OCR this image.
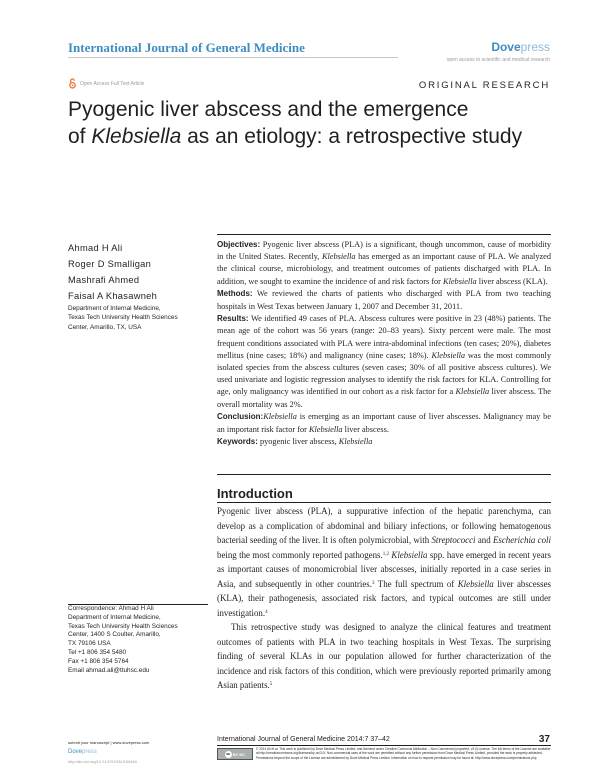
International Journal of General Medicine	Dovepress
open access to scientific and medical research
Open Access Full Text Article	ORIGINAL RESEARCH
Pyogenic liver abscess and the emergence
of Klebsiella as an etiology: a retrospective study
Ahmad H Ali
Roger D Smalligan
Mashrafi Ahmed
Faisal A Khasawneh
Department of Internal Medicine,
Texas Tech University Health Sciences
Center, Amarillo, TX, USA

Objectives: Pyogenic liver abscess (PLA) is a significant, though uncommon, cause of morbidity in the United States. Recently, Klebsiella has emerged as an important cause of PLA. We analyzed the clinical course, microbiology, and treatment outcomes of patients discharged with PLA. In addition, we sought to examine the incidence of and risk factors for Klebsiella liver abscess (KLA).

Methods: We reviewed the charts of patients who discharged with PLA from two teaching hospitals in West Texas between January 1, 2007 and December 31, 2011.

Results: We identified 49 cases of PLA. Abscess cultures were positive in 23 (48%) patients. The mean age of the cohort was 56 years (range: 20–83 years). Sixty percent were male. The most frequent conditions associated with PLA were intra-abdominal infections (ten cases; 20%), diabetes mellitus (nine cases; 18%) and malignancy (nine cases; 18%). Klebsiella was the most commonly isolated species from the abscess cultures (seven cases; 30% of all positive abscess cultures). We used univariate and logistic regression analyses to identify the risk factors for KLA. Controlling for age, only malignancy was identified in our cohort as a risk factor for a Klebsiella liver abscess. The overall mortality was 2%.

Conclusion:Klebsiella is emerging as an important cause of liver abscesses. Malignancy may be an important risk factor for Klebsiella liver abscess.

Keywords: pyogenic liver abscess, Klebsiella

Introduction

Pyogenic liver abscess (PLA), a suppurative infection of the hepatic parenchyma, can develop as a complication of abdominal and biliary infections, or following hematogenous bacterial seeding of the liver. It is often polymicrobial, with Streptococci and Escherichia coli being the most commonly reported pathogens.$^{1,2}$ Klebsiella spp. have emerged in recent years as important causes of monomicrobial liver abscesses, initially reported in a case series in Asia, and subsequently in other countries.$^3$ The full spectrum of Klebsiella liver abscesses (KLA), their pathogenesis, associated risk factors, and typical outcomes are still under investigation.$^4$

This retrospective study was designed to analyze the clinical features and treatment outcomes of patients with PLA in two teaching hospitals in West Texas. The surprising finding of several KLAs in our population allowed for further characterization of the incidence and risk factors of this condition, which were previously reported primarily among Asian patients.$^5$

Correspondence: Ahmad H Ali
Department of Internal Medicine,
Texas Tech University Health Sciences
Center, 1400 S Coulter, Amarillo,
TX 79106 USA
Tel +1 806 354 5480
Fax +1 806 354 5764
Email ahmad.ali@ttuhsc.edu
submit your manuscript | www.dovepress.com
Dovepress
http://dx.doi.org/10.2147/IJGM.S54448
International Journal of General Medicine 2014:7 37–42	37
cc BY NC
© 2014 Ali et al. This work is published by Dove Medical Press Limited, and licensed under Creative Commons Attribution – Non Commercial (unported, v3.0) License. The full terms of the License are available at http://creativecommons.org/licenses/by-nc/3.0/. Non-commercial uses of the work are permitted without any further permission from Dove Medical Press Limited, provided the work is properly attributed. Permissions beyond the scope of the License are administered by Dove Medical Press Limited. Information on how to request permission may be found at: http://www.dovepress.com/permissions.php
